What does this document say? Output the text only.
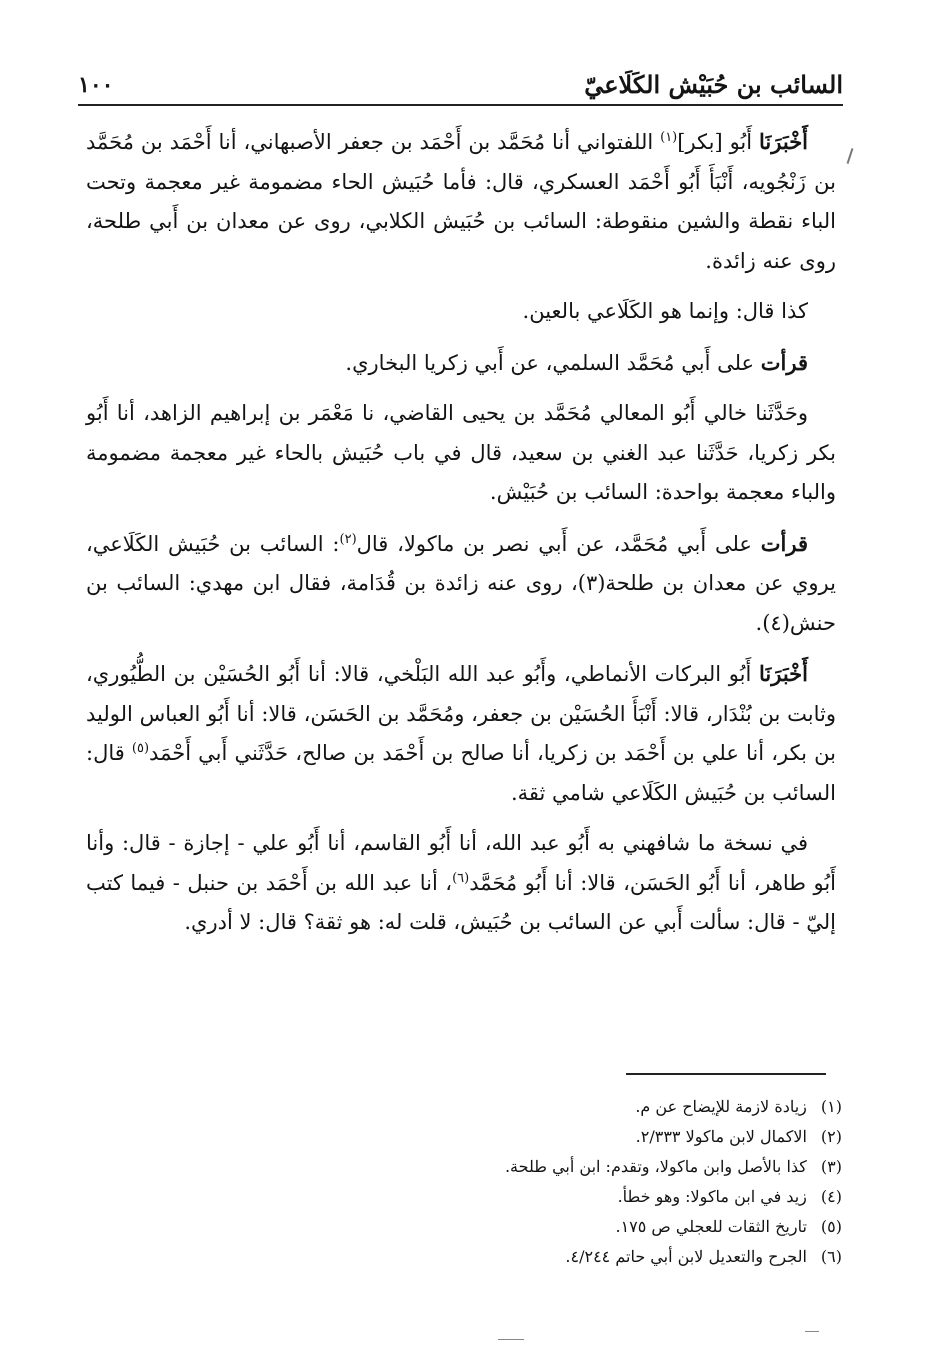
السائب بن حُبَيْش الكَلَاعيّ
١٠٠

أَخْبَرَنَا أَبُو [بكر]$^{(١)}$ اللفتواني أنا مُحَمَّد بن أَحْمَد بن جعفر الأصبهاني، أنا أَحْمَد بن مُحَمَّد بن زَنْجُويه، أَنْبَأَ أَبُو أَحْمَد العسكري، قال: فأما حُبَيش الحاء مضمومة غير معجمة وتحت الباء نقطة والشين منقوطة: السائب بن حُبَيش الكلابي، روى عن معدان بن أَبي طلحة، روى عنه زائدة.

كذا قال: وإنما هو الكَلَاعي بالعين.

قرأت على أَبي مُحَمَّد السلمي، عن أَبي زكريا البخاري.

وحَدَّثَنا خالي أَبُو المعالي مُحَمَّد بن يحيى القاضي، نا مَعْمَر بن إبراهيم الزاهد، أنا أَبُو بكر زكريا، حَدَّثَنا عبد الغني بن سعيد، قال في باب حُبَيش بالحاء غير معجمة مضمومة والباء معجمة بواحدة: السائب بن حُبَيْش.

قرأت على أَبي مُحَمَّد، عن أَبي نصر بن ماكولا، قال$^{(٢)}$: السائب بن حُبَيش الكَلَاعي، يروي عن معدان بن طلحة(٣)، روى عنه زائدة بن قُدَامة، فقال ابن مهدي: السائب بن حنش(٤).

أَخْبَرَنَا أَبُو البركات الأنماطي، وأَبُو عبد الله البَلْخي، قالا: أنا أَبُو الحُسَيْن بن الطُّيُوري، وثابت بن بُنْدَار، قالا: أَنْبَأَ الحُسَيْن بن جعفر، ومُحَمَّد بن الحَسَن، قالا: أنا أَبُو العباس الوليد بن بكر، أنا علي بن أَحْمَد بن زكريا، أنا صالح بن أَحْمَد بن صالح، حَدَّثَني أَبي أَحْمَد$^{(٥)}$ قال: السائب بن حُبَيش الكَلَاعي شامي ثقة.

في نسخة ما شافهني به أَبُو عبد الله، أنا أَبُو القاسم، أنا أَبُو علي - إجازة - قال: وأنا أَبُو طاهر، أنا أَبُو الحَسَن، قالا: أنا أَبُو مُحَمَّد$^{(٦)}$، أنا عبد الله بن أَحْمَد بن حنبل - فيما كتب إليّ - قال: سألت أَبي عن السائب بن حُبَيش، قلت له: هو ثقة؟ قال: لا أدري.

(١) زيادة لازمة للإيضاح عن م.
(٢) الاكمال لابن ماكولا ٢/٣٣٣.
(٣) كذا بالأصل وابن ماكولا، وتقدم: ابن أبي طلحة.
(٤) زيد في ابن ماكولا: وهو خطأ.
(٥) تاريخ الثقات للعجلي ص ١٧٥.
(٦) الجرح والتعديل لابن أبي حاتم ٤/٢٤٤.
